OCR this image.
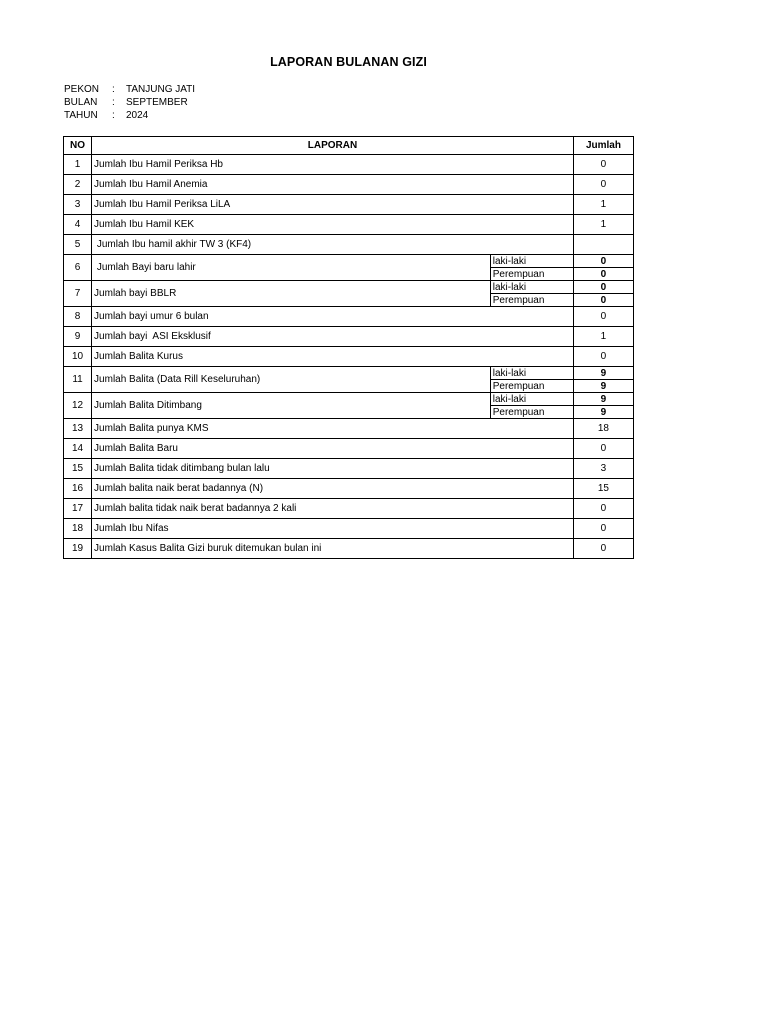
LAPORAN BULANAN GIZI
PEKON	:	TANJUNG JATI
BULAN	:	SEPTEMBER
TAHUN	:	2024
NO	LAPORAN		Jumlah
1	Jumlah Ibu Hamil Periksa Hb		0
2	Jumlah Ibu Hamil Anemia		0
3	Jumlah Ibu Hamil Periksa LiLA		1
4	Jumlah Ibu Hamil KEK		1
5	Jumlah Ibu hamil akhir TW 3 (KF4)		
6	Jumlah Bayi baru lahir	laki-laki	0
		Perempuan	0
7	Jumlah bayi BBLR	laki-laki	0
		Perempuan	0
8	Jumlah bayi umur 6 bulan		0
9	Jumlah bayi  ASI Eksklusif		1
10	Jumlah Balita Kurus		0
11	Jumlah Balita (Data Rill Keseluruhan)	laki-laki	9
		Perempuan	9
12	Jumlah Balita Ditimbang	laki-laki	9
		Perempuan	9
13	Jumlah Balita punya KMS		18
14	Jumlah Balita Baru		0
15	Jumlah Balita tidak ditimbang bulan lalu		3
16	Jumlah balita naik berat badannya (N)		15
17	Jumlah balita tidak naik berat badannya 2 kali		0
18	Jumlah Ibu Nifas		0
19	Jumlah Kasus Balita Gizi buruk ditemukan bulan ini		0
